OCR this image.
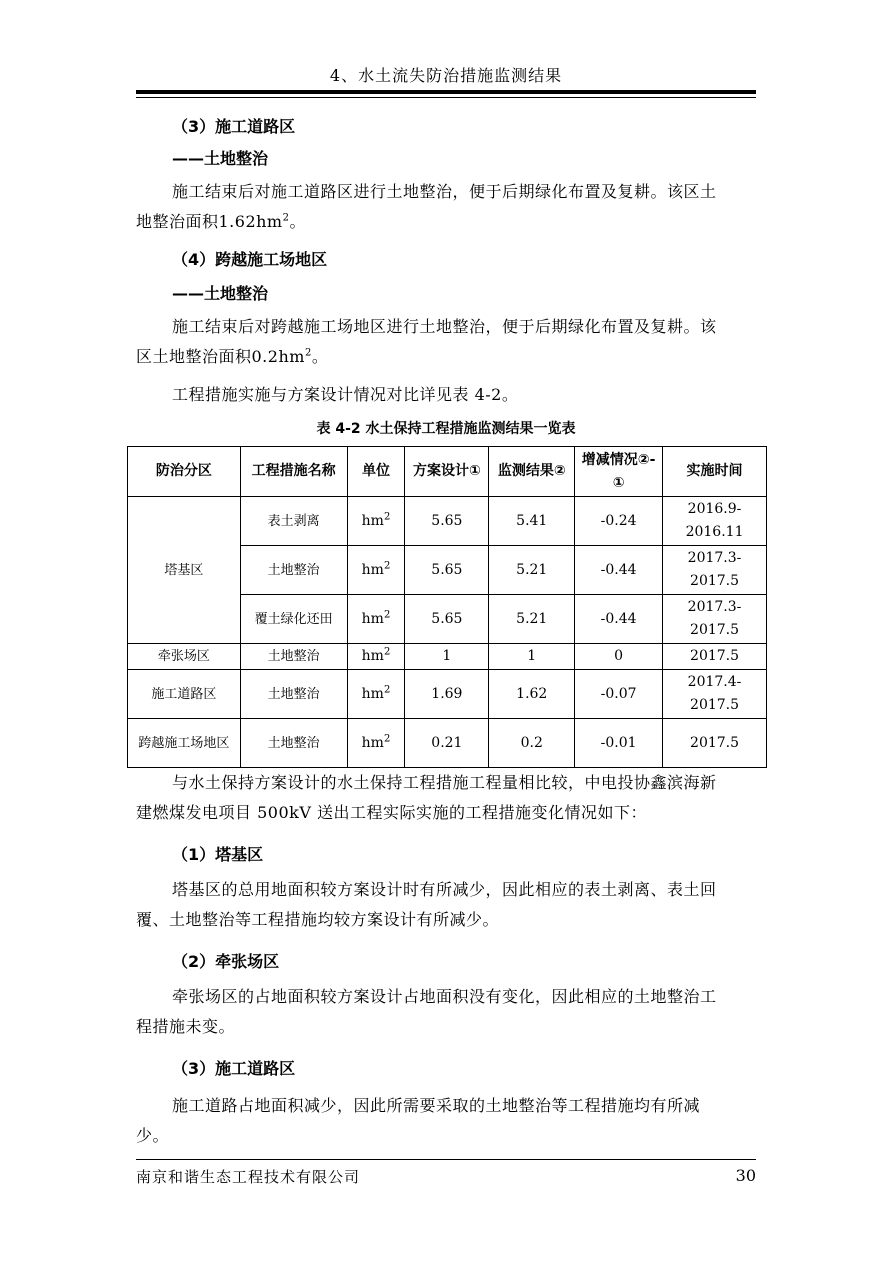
4、水土流失防治措施监测结果
（3）施工道路区
——土地整治
施工结束后对施工道路区进行土地整治，便于后期绿化布置及复耕。该区土
地整治面积$1.62hm^2$。
（4）跨越施工场地区
——土地整治
施工结束后对跨越施工场地区进行土地整治，便于后期绿化布置及复耕。该
区土地整治面积$0.2hm^2$。
工程措施实施与方案设计情况对比详见表 4-2。
表 4-2 水土保持工程措施监测结果一览表
防治分区	工程措施名称	单位	方案设计①	监测结果②	增减情况②-①	实施时间
塔基区	表土剥离	$hm^2$	5.65	5.41	-0.24	2016.9-2016.11
	土地整治	$hm^2$	5.65	5.21	-0.44	2017.3-2017.5
	覆土绿化还田	$hm^2$	5.65	5.21	-0.44	2017.3-2017.5
牵张场区	土地整治	$hm^2$	1	1	0	2017.5
施工道路区	土地整治	$hm^2$	1.69	1.62	-0.07	2017.4-2017.5
跨越施工场地区	土地整治	$hm^2$	0.21	0.2	-0.01	2017.5
与水土保持方案设计的水土保持工程措施工程量相比较，中电投协鑫滨海新
建燃煤发电项目 500kV 送出工程实际实施的工程措施变化情况如下：
（1）塔基区
塔基区的总用地面积较方案设计时有所减少，因此相应的表土剥离、表土回
覆、土地整治等工程措施均较方案设计有所减少。
（2）牵张场区
牵张场区的占地面积较方案设计占地面积没有变化，因此相应的土地整治工
程措施未变。
（3）施工道路区
施工道路占地面积减少，因此所需要采取的土地整治等工程措施均有所减
少。
南京和谐生态工程技术有限公司	30
